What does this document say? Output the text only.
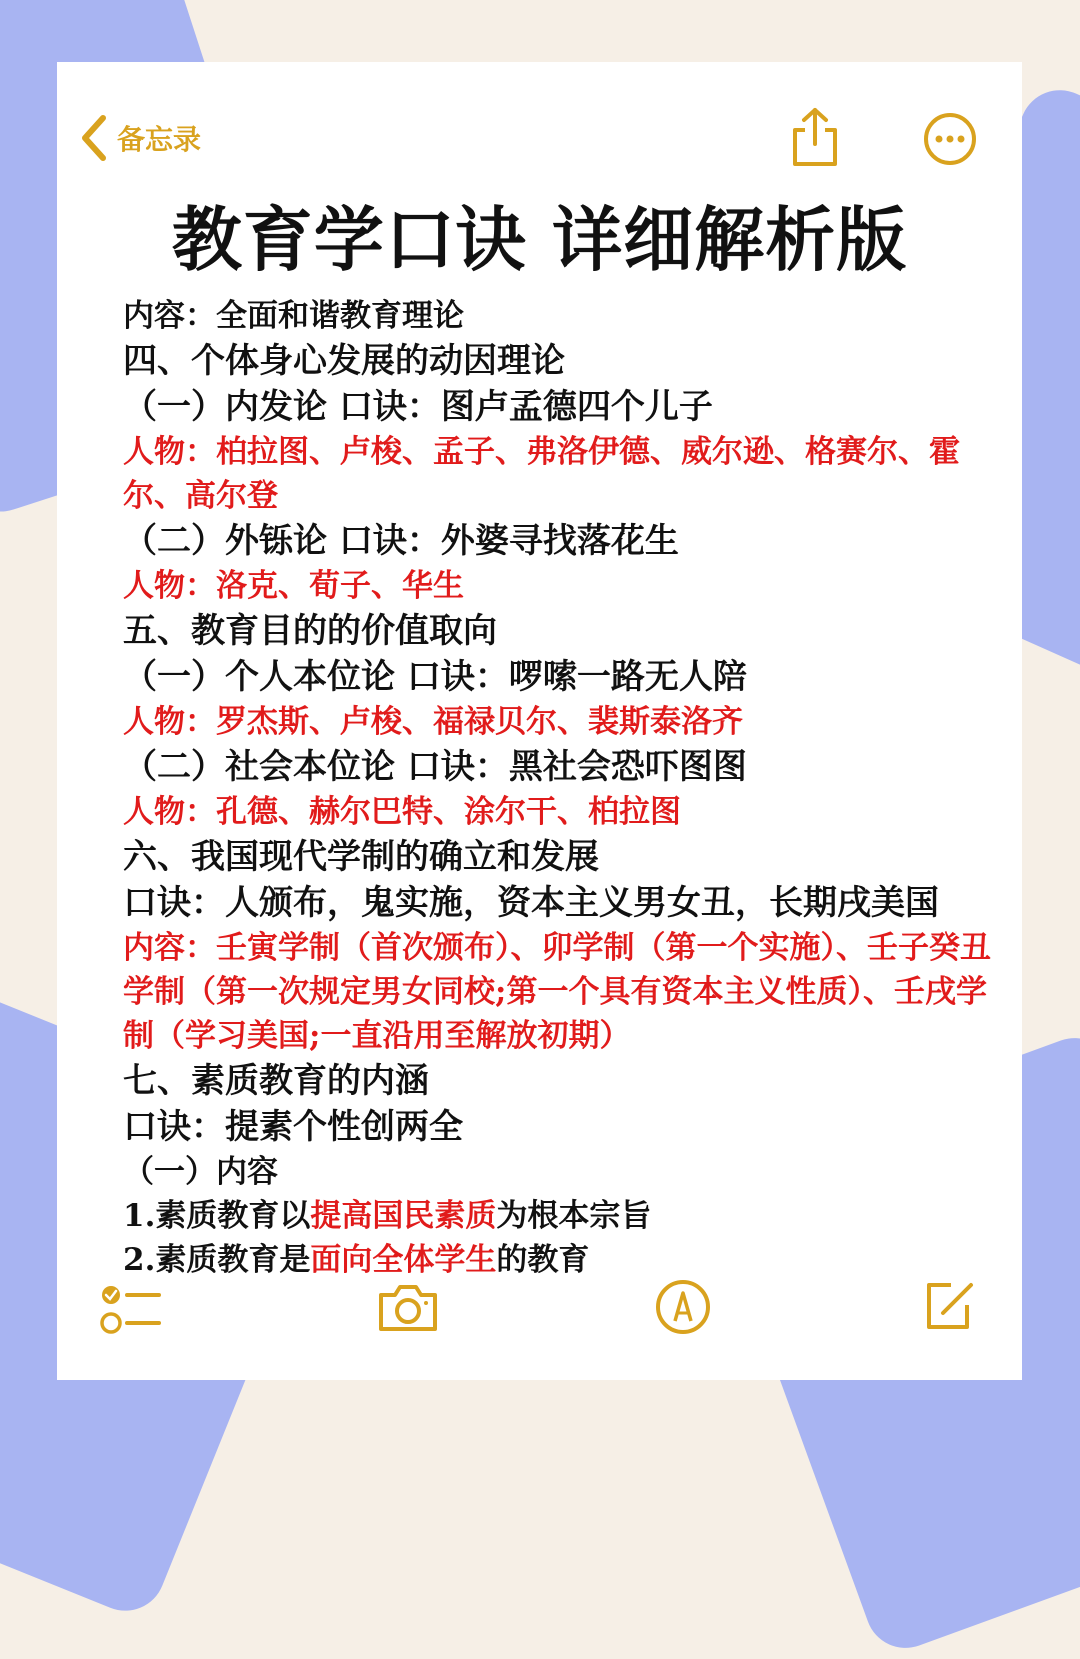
备忘录
教育学口诀 详细解析版

内容：全面和谐教育理论

四、个体身心发展的动因理论

（一）内发论 口诀：图卢孟德四个儿子

人物：柏拉图、卢梭、孟子、弗洛伊德、威尔逊、格赛尔、霍尔、高尔登

（二）外铄论 口诀：外婆寻找落花生

人物：洛克、荀子、华生

五、教育目的的价值取向

（一）个人本位论 口诀：啰嗦一路无人陪

人物：罗杰斯、卢梭、福禄贝尔、裴斯泰洛齐

（二）社会本位论 口诀：黑社会恐吓图图

人物：孔德、赫尔巴特、涂尔干、柏拉图

六、我国现代学制的确立和发展

口诀：人颁布，鬼实施，资本主义男女丑，长期戌美国

内容：壬寅学制（首次颁布）、卯学制（第一个实施）、壬子癸丑学制（第一次规定男女同校;第一个具有资本主义性质）、壬戌学制（学习美国;一直沿用至解放初期）

七、素质教育的内涵

口诀：提素个性创两全

（一）内容

1.素质教育以提高国民素质为根本宗旨

2.素质教育是面向全体学生的教育
